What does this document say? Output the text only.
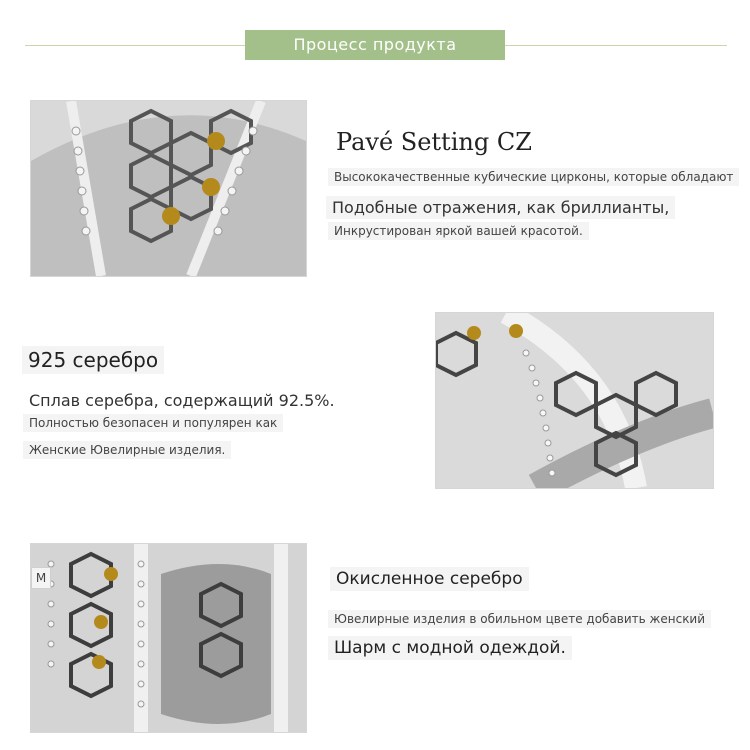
Процесс продукта
Pavé Setting CZ
Высококачественные кубические цирконы, которые обладают
Подобные отражения, как бриллианты,
Инкрустирован яркой вашей красотой.
925 серебро
Сплав серебра, содержащий 92.5%.
Полностью безопасен и популярен как
Женские Ювелирные изделия.
M	Окисленное серебро
Ювелирные изделия в обильном цвете добавить женский
Шарм с модной одеждой.
